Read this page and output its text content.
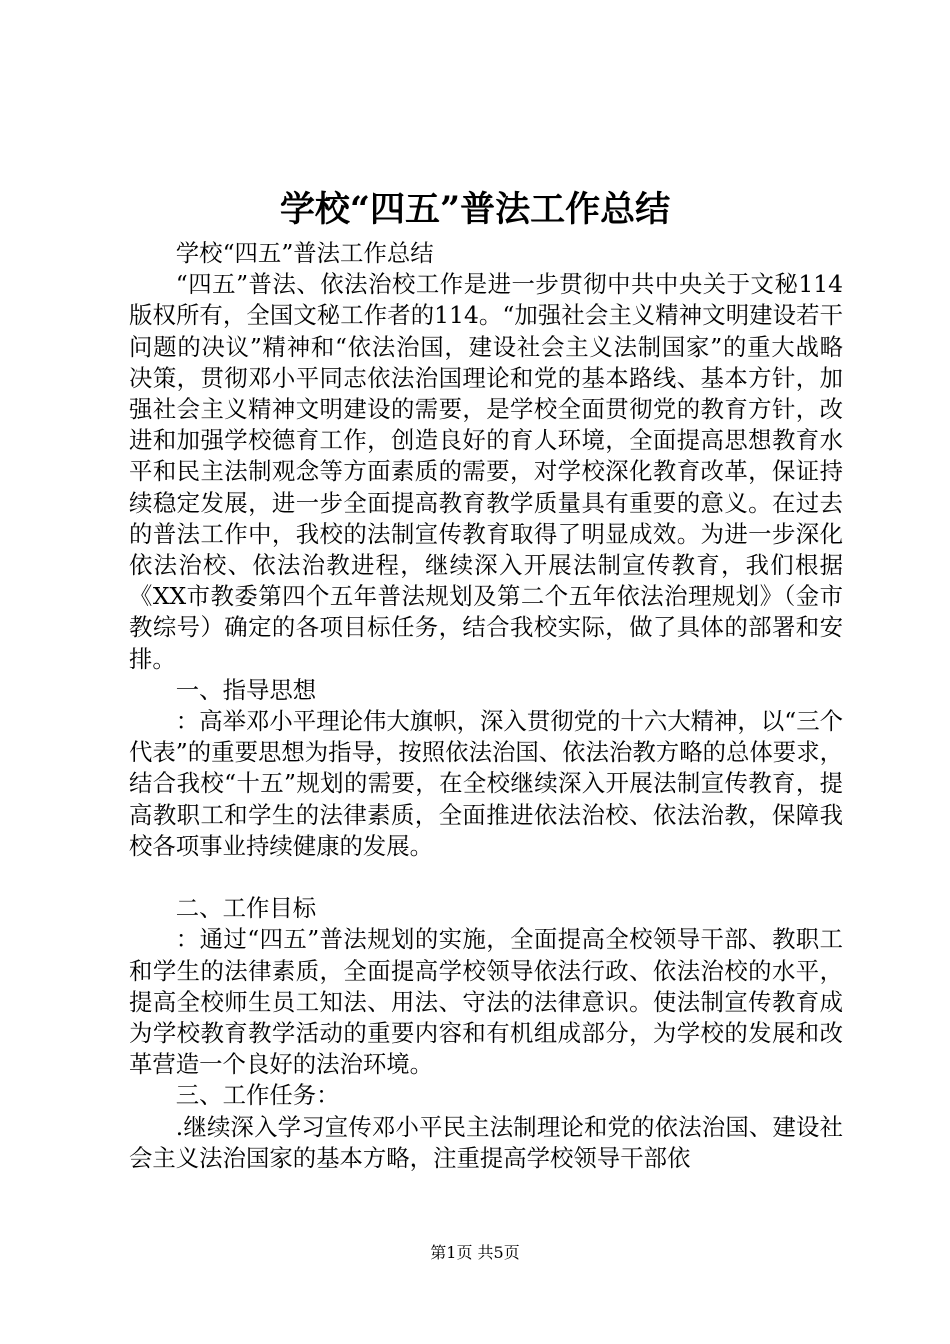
学校“四五”普法工作总结

学校“四五”普法工作总结

“四五”普法、依法治校工作是进一步贯彻中共中央关于文秘114版权所有，全国文秘工作者的114。“加强社会主义精神文明建设若干问题的决议”精神和“依法治国，建设社会主义法制国家”的重大战略决策，贯彻邓小平同志依法治国理论和党的基本路线、基本方针，加强社会主义精神文明建设的需要，是学校全面贯彻党的教育方针，改进和加强学校德育工作，创造良好的育人环境，全面提高思想教育水平和民主法制观念等方面素质的需要，对学校深化教育改革，保证持续稳定发展，进一步全面提高教育教学质量具有重要的意义。在过去的普法工作中，我校的法制宣传教育取得了明显成效。为进一步深化依法治校、依法治教进程，继续深入开展法制宣传教育，我们根据《XX市教委第四个五年普法规划及第二个五年依法治理规划》（金市教综号）确定的各项目标任务，结合我校实际，做了具体的部署和安排。

一、指导思想

：高举邓小平理论伟大旗帜，深入贯彻党的十六大精神，以“三个代表”的重要思想为指导，按照依法治国、依法治教方略的总体要求，结合我校“十五”规划的需要，在全校继续深入开展法制宣传教育，提高教职工和学生的法律素质，全面推进依法治校、依法治教，保障我校各项事业持续健康的发展。

二、工作目标

：通过“四五”普法规划的实施，全面提高全校领导干部、教职工和学生的法律素质，全面提高学校领导依法行政、依法治校的水平，提高全校师生员工知法、用法、守法的法律意识。使法制宣传教育成为学校教育教学活动的重要内容和有机组成部分，为学校的发展和改革营造一个良好的法治环境。

三、工作任务：

.继续深入学习宣传邓小平民主法制理论和党的依法治国、建设社会主义法治国家的基本方略，注重提高学校领导干部依

第1页 共5页
